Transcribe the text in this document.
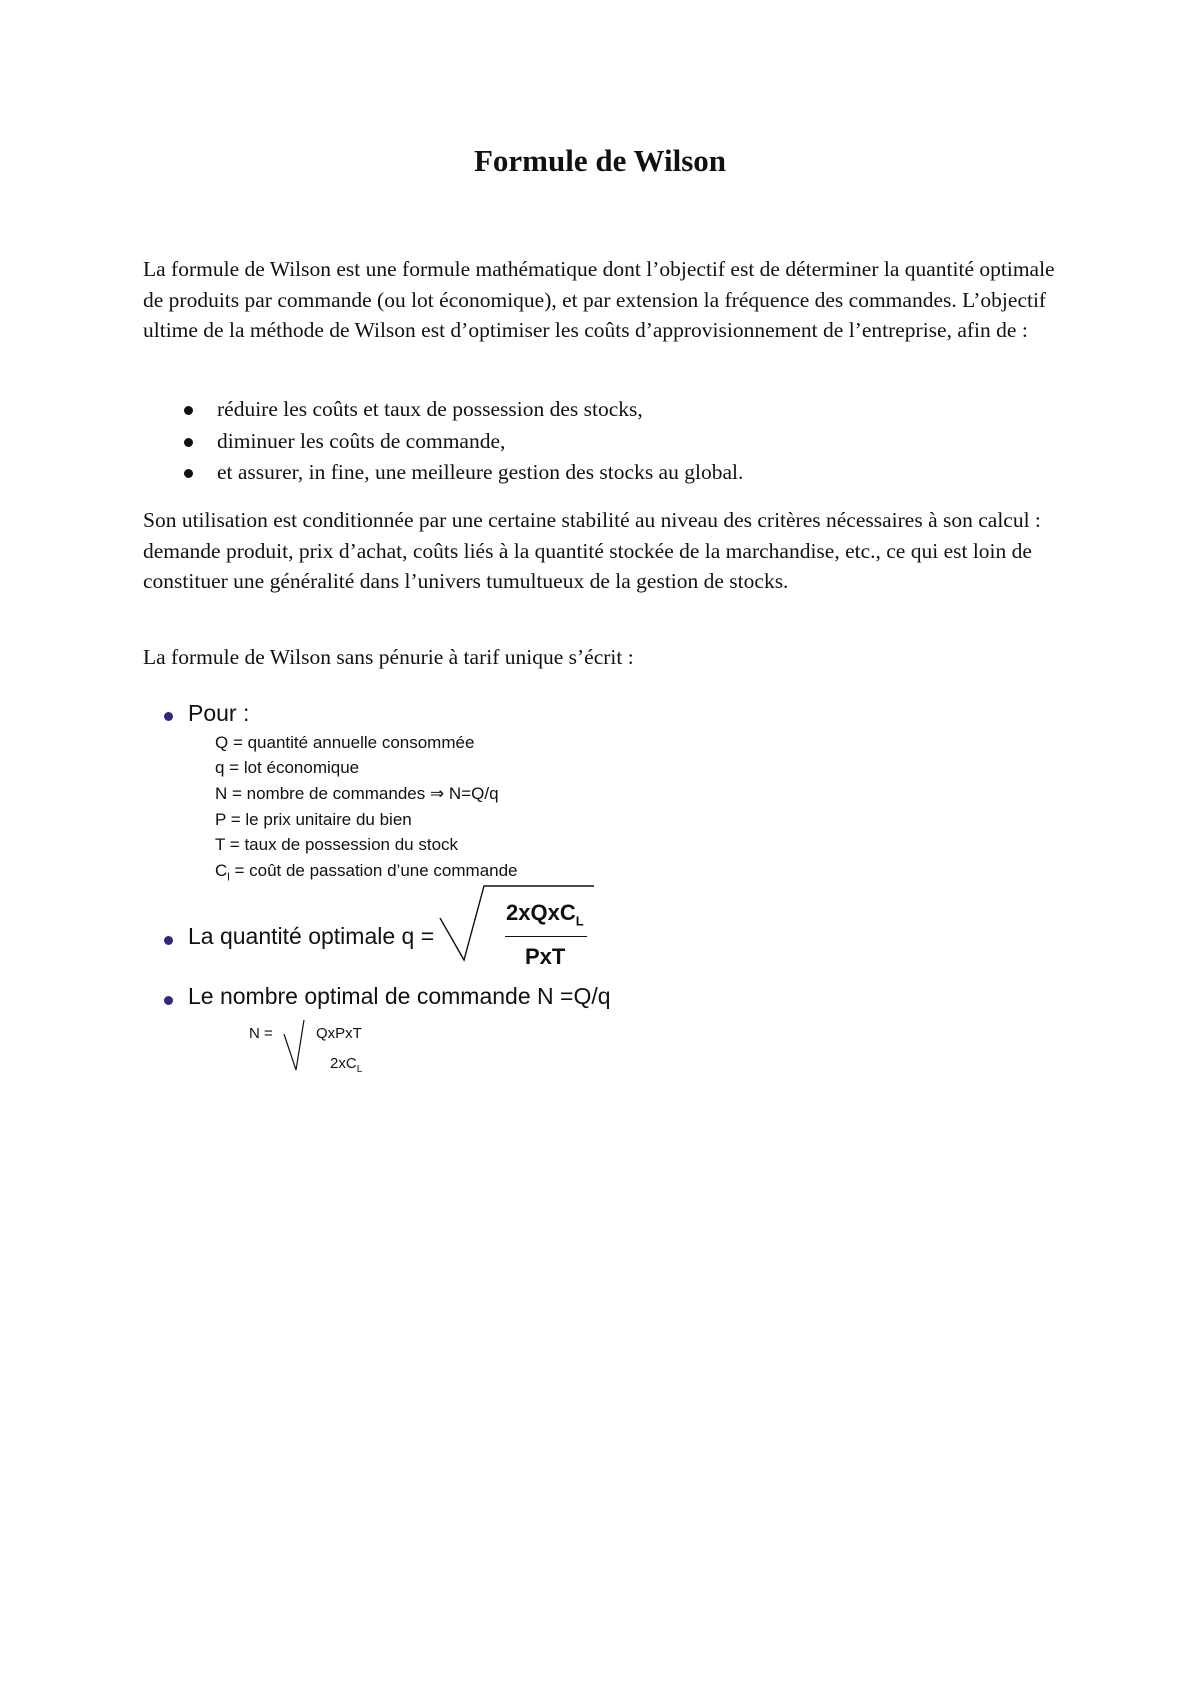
Formule de Wilson

La formule de Wilson est une formule mathématique dont l’objectif est de déterminer la quantité optimale de produits par commande (ou lot économique), et par extension la fréquence des commandes. L’objectif ultime de la méthode de Wilson est d’optimiser les coûts d’approvisionnement de l’entreprise, afin de :

réduire les coûts et taux de possession des stocks,
diminuer les coûts de commande,
et assurer, in fine, une meilleure gestion des stocks au global.

Son utilisation est conditionnée par une certaine stabilité au niveau des critères nécessaires à son calcul : demande produit, prix d’achat, coûts liés à la quantité stockée de la marchandise, etc., ce qui est loin de constituer une généralité dans l’univers tumultueux de la gestion de stocks.

La formule de Wilson sans pénurie à tarif unique s’écrit :

Pour :
Q = quantité annuelle consommée
q = lot économique
N = nombre de commandes ⇒ N=Q/q
P = le prix unitaire du bien
T = taux de possession du stock
$C_l$ = coût de passation d’une commande
La quantité optimale q =
2xQxC$_L$
PxT
Le nombre optimal de commande N =Q/q
N =	QxPxT
$2xC_L$
